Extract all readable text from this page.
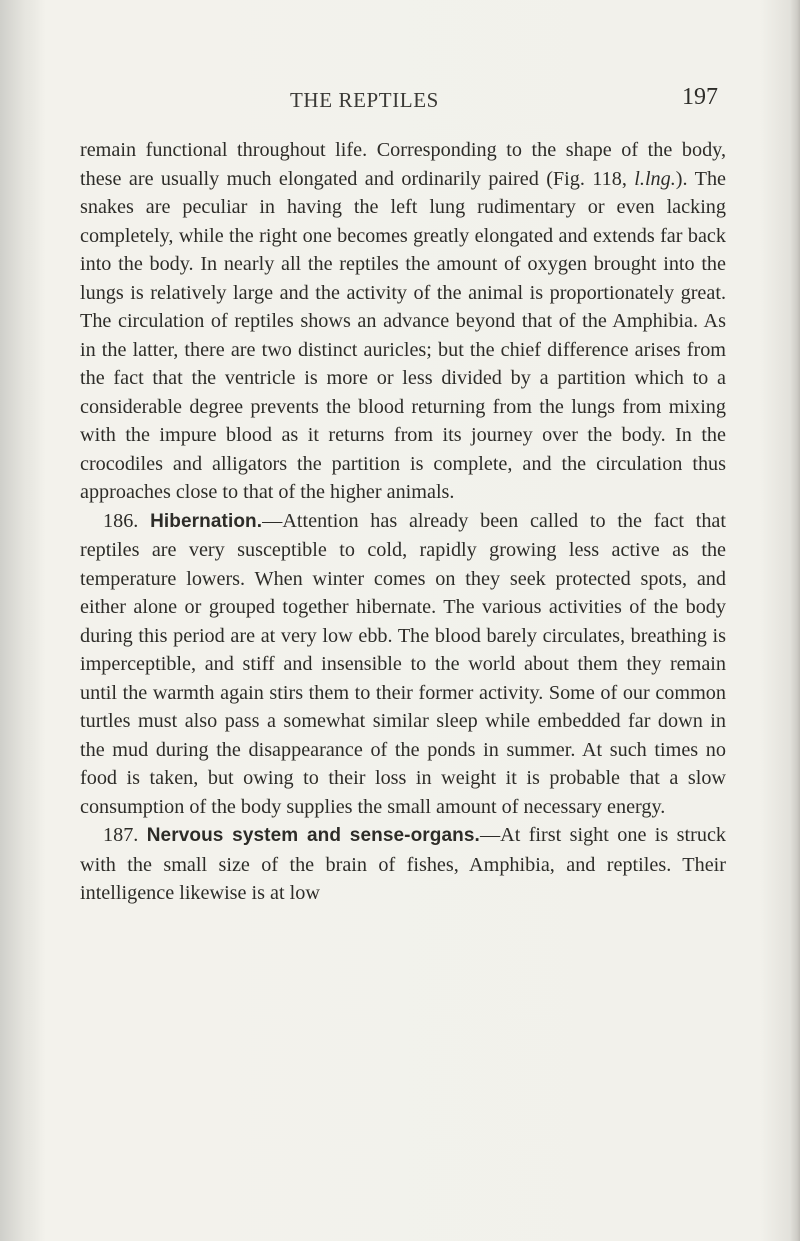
THE REPTILES	197

remain functional throughout life. Corresponding to the shape of the body, these are usually much elongated and ordinarily paired (Fig. 118, l.lng.). The snakes are peculiar in having the left lung rudimentary or even lacking completely, while the right one becomes greatly elongated and extends far back into the body. In nearly all the reptiles the amount of oxygen brought into the lungs is relatively large and the activity of the animal is proportionately great. The circulation of reptiles shows an advance beyond that of the Amphibia. As in the latter, there are two distinct auricles; but the chief difference arises from the fact that the ventricle is more or less divided by a partition which to a considerable degree prevents the blood returning from the lungs from mixing with the impure blood as it returns from its journey over the body. In the crocodiles and alligators the partition is complete, and the circulation thus approaches close to that of the higher animals.

186. Hibernation.—Attention has already been called to the fact that reptiles are very susceptible to cold, rapidly growing less active as the temperature lowers. When winter comes on they seek protected spots, and either alone or grouped together hibernate. The various activities of the body during this period are at very low ebb. The blood barely circulates, breathing is imperceptible, and stiff and insensible to the world about them they remain until the warmth again stirs them to their former activity. Some of our common turtles must also pass a somewhat similar sleep while embedded far down in the mud during the disappearance of the ponds in summer. At such times no food is taken, but owing to their loss in weight it is probable that a slow consumption of the body supplies the small amount of necessary energy.

187. Nervous system and sense-organs.—At first sight one is struck with the small size of the brain of fishes, Amphibia, and reptiles. Their intelligence likewise is at low
